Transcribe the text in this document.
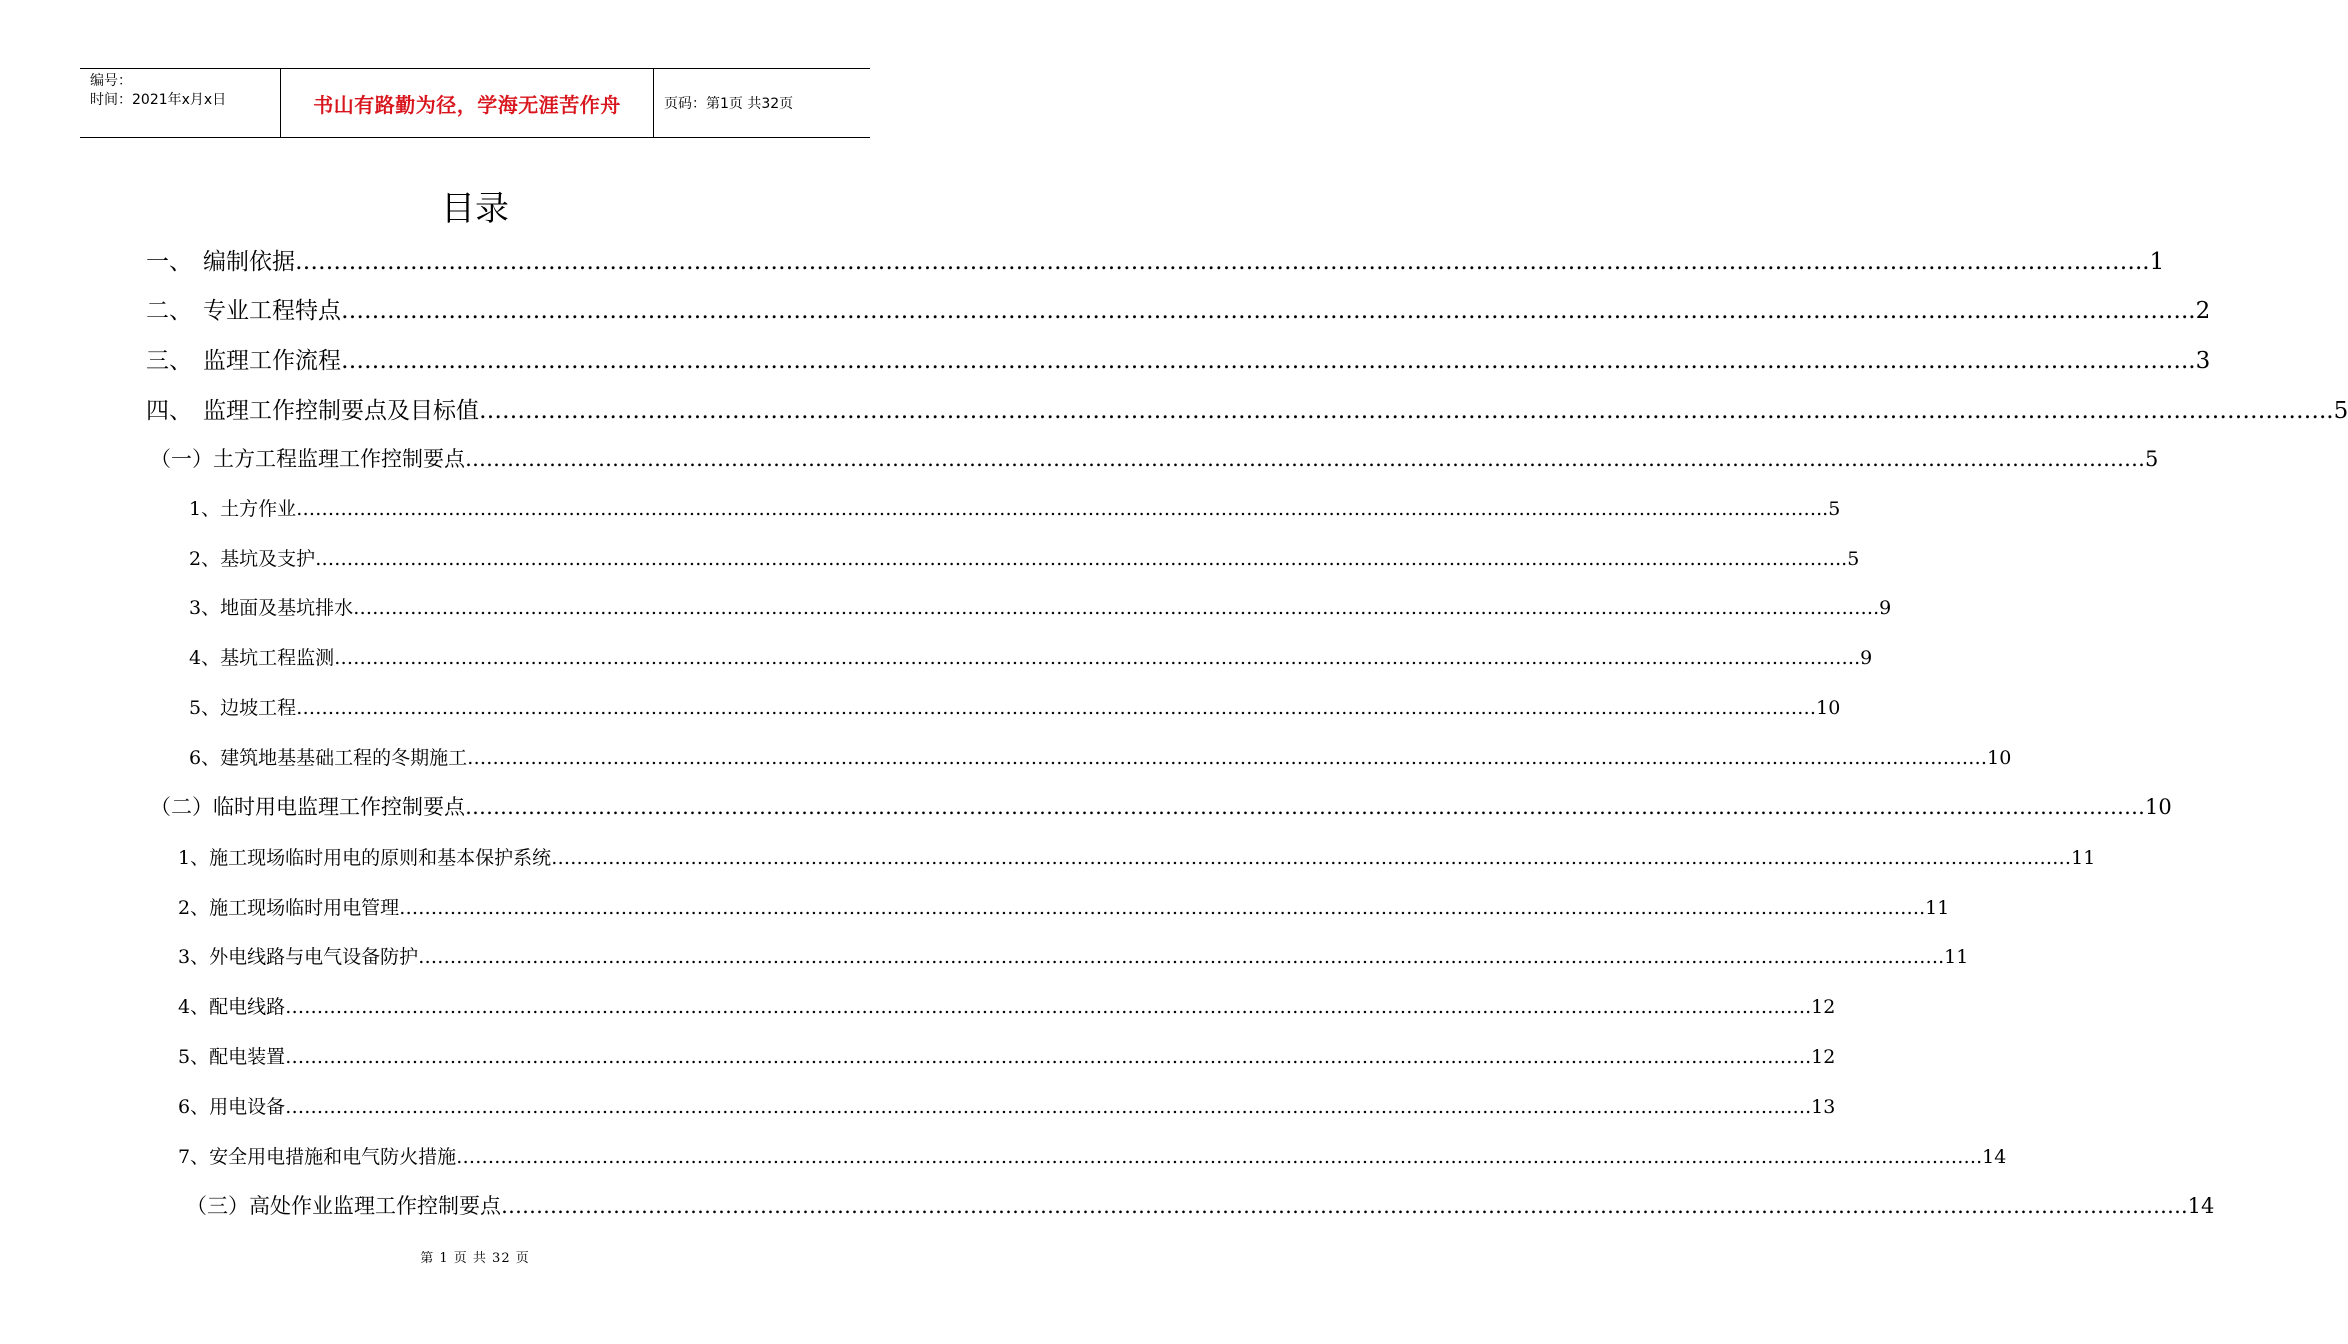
编号：
时间：2021年x月x日	书山有路勤为径，学海无涯苦作舟	页码：第1页 共32页
目录
一、 编制依据 …………………………………………………………………………………………………………………………………………………………………………………………………………………… ..1
二、 专业工程特点 …………………………………………………………………………………………………………………………………………………………………………………………………………………… ..2
三、 监理工作流程 …………………………………………………………………………………………………………………………………………………………………………………………………………………… ..3
四、 监理工作控制要点及目标值 …………………………………………………………………………………………………………………………………………………………………………………………………………………… ..5
（一） 土方工程监理工作控制要点 …………………………………………………………………………………………………………………………………………………………………………………………………………………… 5
1、 土方作业 …………………………………………………………………………………………………………………………………………………………………………………………………………………… ..5
2、 基坑及支护 …………………………………………………………………………………………………………………………………………………………………………………………………………………… ..5
3、 地面及基坑排水 …………………………………………………………………………………………………………………………………………………………………………………………………………………… .9
4、 基坑工程监测 …………………………………………………………………………………………………………………………………………………………………………………………………………………… .9
5、 边坡工程 …………………………………………………………………………………………………………………………………………………………………………………………………………………… 10
6、 建筑地基基础工程的冬期施工 …………………………………………………………………………………………………………………………………………………………………………………………………………………… 10
（二） 临时用电监理工作控制要点 …………………………………………………………………………………………………………………………………………………………………………………………………………………… 10
1、 施工现场临时用电的原则和基本保护系统 …………………………………………………………………………………………………………………………………………………………………………………………………………………… 11
2、 施工现场临时用电管理 …………………………………………………………………………………………………………………………………………………………………………………………………………………… .11
3、 外电线路与电气设备防护 …………………………………………………………………………………………………………………………………………………………………………………………………………………… .11
4、 配电线路 …………………………………………………………………………………………………………………………………………………………………………………………………………………… .12
5、 配电装置 …………………………………………………………………………………………………………………………………………………………………………………………………………………… .12
6、 用电设备 …………………………………………………………………………………………………………………………………………………………………………………………………………………… .13
7、 安全用电措施和电气防火措施 …………………………………………………………………………………………………………………………………………………………………………………………………………………… .14
（三） 高处作业监理工作控制要点 …………………………………………………………………………………………………………………………………………………………………………………………………………………… .14
第 1 页 共 32 页
